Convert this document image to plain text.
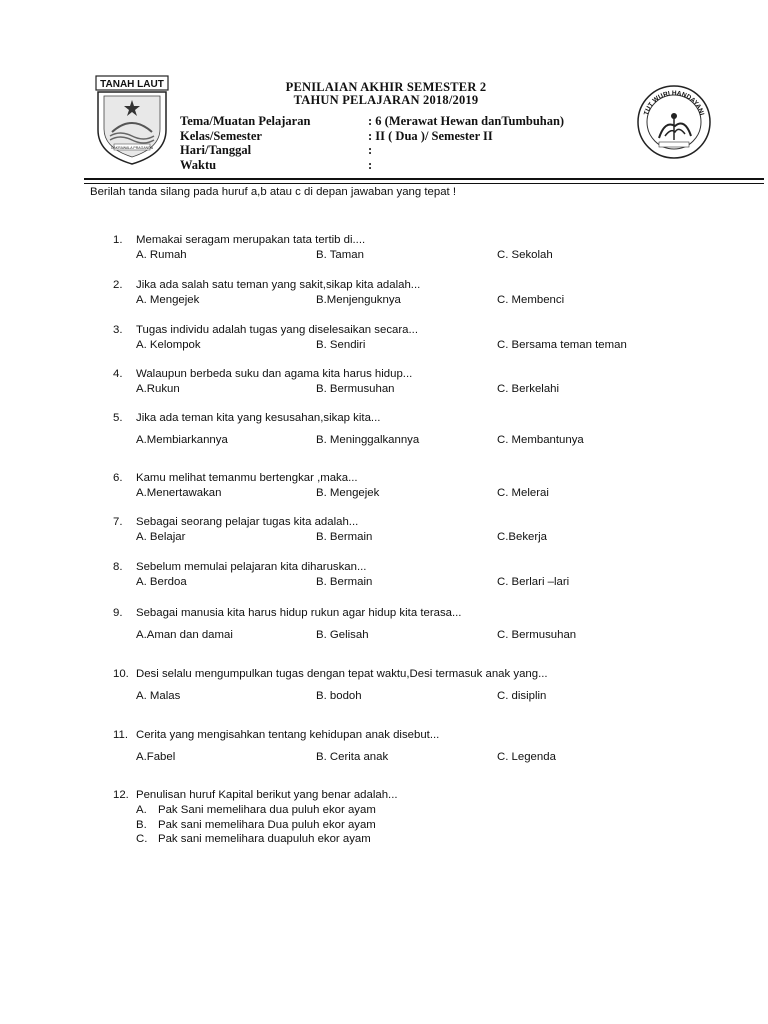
TANAH LAUT
CAKRAWALA PRAGANDA
TUT WURI HANDAYANI
PENILAIAN AKHIR SEMESTER 2
TAHUN PELAJARAN 2018/2019
Tema/Muatan Pelajaran	: 6 (Merawat Hewan danTumbuhan)
Kelas/Semester	: II ( Dua )/ Semester II
Hari/Tanggal	:
Waktu	:
Berilah tanda silang pada huruf a,b atau c di depan jawaban yang tepat !
1. Memakai seragam merupakan tata tertib di....
A. Rumah	B. Taman	C. Sekolah
2. Jika ada salah satu teman yang sakit,sikap kita adalah...
A. Mengejek	B.Menjenguknya	C. Membenci
3. Tugas individu adalah tugas yang diselesaikan secara...
A. Kelompok	B. Sendiri	C. Bersama teman teman
4. Walaupun berbeda suku dan agama kita harus hidup...
A.Rukun	B. Bermusuhan	C. Berkelahi
5. Jika ada teman kita yang kesusahan,sikap kita...
A.Membiarkannya	B. Meninggalkannya	C. Membantunya
6. Kamu melihat temanmu bertengkar ,maka...
A.Menertawakan	B. Mengejek	C. Melerai
7. Sebagai seorang pelajar tugas kita adalah...
A. Belajar	B. Bermain	C.Bekerja
8. Sebelum memulai pelajaran kita diharuskan...
A. Berdoa	B. Bermain	C. Berlari –lari
9. Sebagai manusia kita harus hidup rukun agar hidup kita terasa...
A.Aman dan damai	B. Gelisah	C. Bermusuhan
10. Desi selalu mengumpulkan tugas dengan tepat waktu,Desi termasuk anak yang...
A. Malas	B. bodoh	C. disiplin
11. Cerita yang mengisahkan tentang kehidupan anak disebut...
A.Fabel	B. Cerita anak	C. Legenda
12. Penulisan huruf Kapital berikut yang benar adalah...
A. Pak Sani memelihara dua puluh ekor ayam
B. Pak sani memelihara Dua puluh ekor ayam
C. Pak sani memelihara duapuluh ekor ayam
